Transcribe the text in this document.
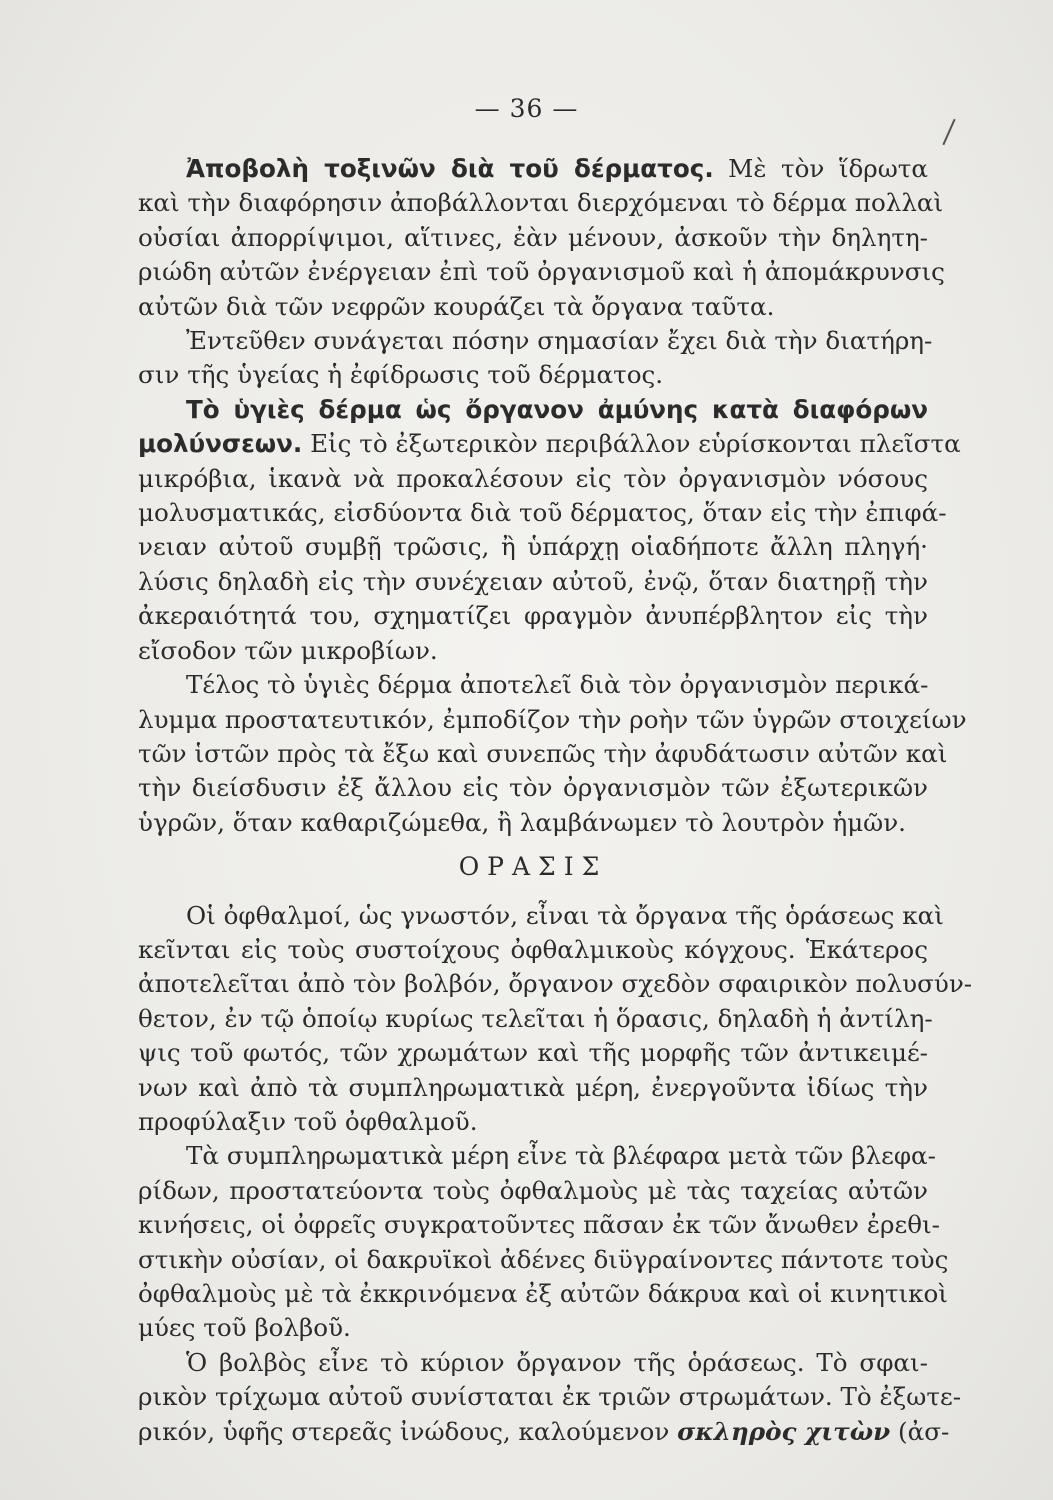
— 36 —
Ἀποβολὴ τοξινῶν διὰ τοῦ δέρματος. Μὲ τὸν ἵδρωτα
καὶ τὴν διαφόρησιν ἀποβάλλονται διερχόμεναι τὸ δέρμα πολλαὶ
οὐσίαι ἀπορρίψιμοι, αἵτινες, ἐὰν μένουν, ἀσκοῦν τὴν δηλητη-
ριώδη αὐτῶν ἐνέργειαν ἐπὶ τοῦ ὀργανισμοῦ καὶ ἡ ἀπομάκρυνσις
αὐτῶν διὰ τῶν νεφρῶν κουράζει τὰ ὄργανα ταῦτα.
Ἐντεῦθεν συνάγεται πόσην σημασίαν ἔχει διὰ τὴν διατήρη-
σιν τῆς ὑγείας ἡ ἐφίδρωσις τοῦ δέρματος.
Τὸ ὑγιὲς δέρμα ὡς ὄργανον ἀμύνης κατὰ διαφόρων
μολύνσεων. Εἰς τὸ ἐξωτερικὸν περιβάλλον εὑρίσκονται πλεῖστα
μικρόβια, ἱκανὰ νὰ προκαλέσουν εἰς τὸν ὀργανισμὸν νόσους
μολυσματικάς, εἰσδύοντα διὰ τοῦ δέρματος, ὅταν εἰς τὴν ἐπιφά-
νειαν αὐτοῦ συμβῇ τρῶσις, ἢ ὑπάρχῃ οἱαδήποτε ἄλλη πληγή·
λύσις δηλαδὴ εἰς τὴν συνέχειαν αὐτοῦ, ἐνῷ, ὅταν διατηρῇ τὴν
ἀκεραιότητά του, σχηματίζει φραγμὸν ἀνυπέρβλητον εἰς τὴν
εἴσοδον τῶν μικροβίων.
Τέλος τὸ ὑγιὲς δέρμα ἀποτελεῖ διὰ τὸν ὀργανισμὸν περικά-
λυμμα προστατευτικόν, ἐμποδίζον τὴν ροὴν τῶν ὑγρῶν στοιχείων
τῶν ἱστῶν πρὸς τὰ ἔξω καὶ συνεπῶς τὴν ἀφυδάτωσιν αὐτῶν καὶ
τὴν διείσδυσιν ἐξ ἄλλου εἰς τὸν ὀργανισμὸν τῶν ἐξωτερικῶν
ὑγρῶν, ὅταν καθαριζώμεθα, ἢ λαμβάνωμεν τὸ λουτρὸν ἡμῶν.
ΟΡΑΣΙΣ
Οἱ ὀφθαλμοί, ὡς γνωστόν, εἶναι τὰ ὄργανα τῆς ὁράσεως καὶ
κεῖνται εἰς τοὺς συστοίχους ὀφθαλμικοὺς κόγχους. Ἑκάτερος
ἀποτελεῖται ἀπὸ τὸν βολβόν, ὄργανον σχεδὸν σφαιρικὸν πολυσύν-
θετον, ἐν τῷ ὁποίῳ κυρίως τελεῖται ἡ ὅρασις, δηλαδὴ ἡ ἀντίλη-
ψις τοῦ φωτός, τῶν χρωμάτων καὶ τῆς μορφῆς τῶν ἀντικειμέ-
νων καὶ ἀπὸ τὰ συμπληρωματικὰ μέρη, ἐνεργοῦντα ἰδίως τὴν
προφύλαξιν τοῦ ὀφθαλμοῦ.
Τὰ συμπληρωματικὰ μέρη εἶνε τὰ βλέφαρα μετὰ τῶν βλεφα-
ρίδων, προστατεύοντα τοὺς ὀφθαλμοὺς μὲ τὰς ταχείας αὐτῶν
κινήσεις, οἱ ὀφρεῖς συγκρατοῦντες πᾶσαν ἐκ τῶν ἄνωθεν ἐρεθι-
στικὴν οὐσίαν, οἱ δακρυϊκοὶ ἀδένες διϋγραίνοντες πάντοτε τοὺς
ὀφθαλμοὺς μὲ τὰ ἐκκρινόμενα ἐξ αὐτῶν δάκρυα καὶ οἱ κινητικοὶ
μύες τοῦ βολβοῦ.
Ὁ βολβὸς εἶνε τὸ κύριον ὄργανον τῆς ὁράσεως. Τὸ σφαι-
ρικὸν τρίχωμα αὐτοῦ συνίσταται ἐκ τριῶν στρωμάτων. Τὸ ἐξωτε-
ρικόν, ὑφῆς στερεᾶς ἰνώδους, καλούμενον σκληρὸς χιτὼν (ἀσ-
